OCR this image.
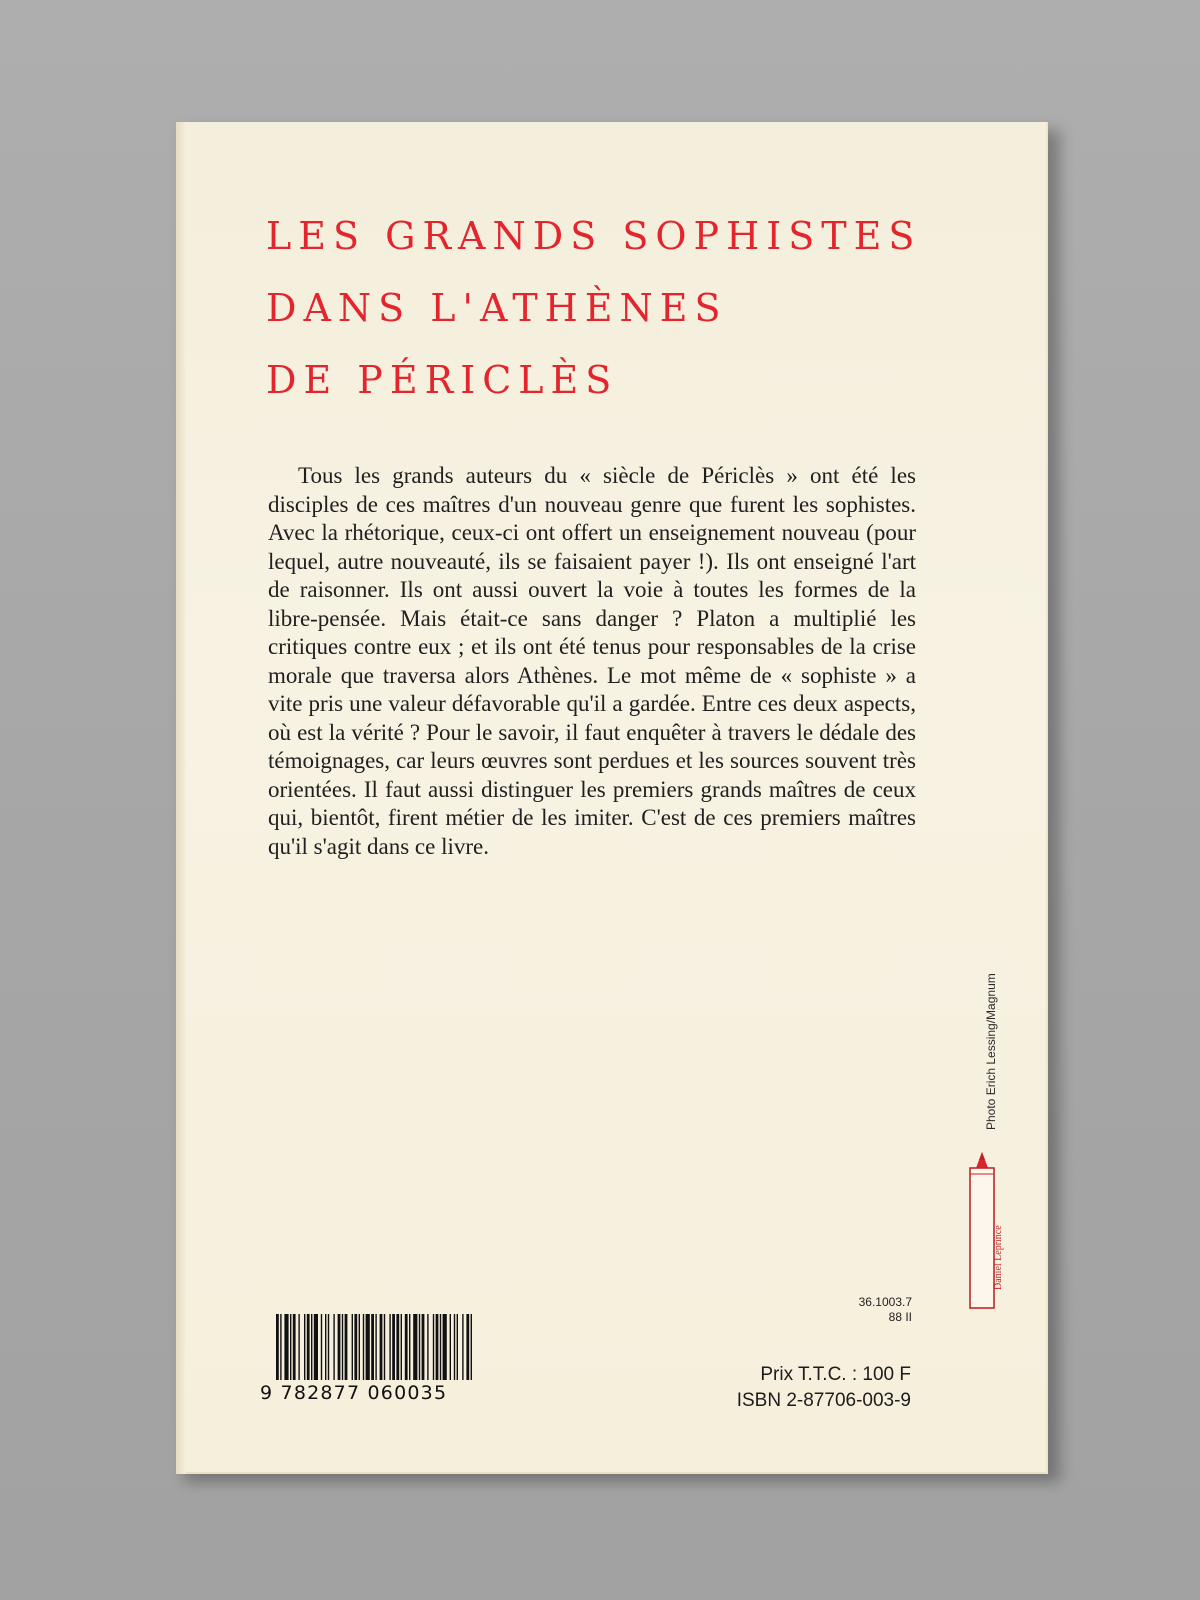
LES GRANDS SOPHISTES
DANS L'ATHÈNES
DE PÉRICLÈS

Tous les grands auteurs du « siècle de Périclès » ont été les disciples de ces maîtres d'un nouveau genre que furent les sophistes. Avec la rhétorique, ceux-ci ont offert un enseignement nouveau (pour lequel, autre nouveauté, ils se faisaient payer !). Ils ont enseigné l'art de raisonner. Ils ont aussi ouvert la voie à toutes les formes de la libre-pensée. Mais était-ce sans danger ? Platon a multiplié les critiques contre eux ; et ils ont été tenus pour responsables de la crise morale que traversa alors Athènes. Le mot même de « sophiste » a vite pris une valeur défavorable qu'il a gardée. Entre ces deux aspects, où est la vérité ? Pour le savoir, il faut enquêter à travers le dédale des témoignages, car leurs œuvres sont perdues et les sources souvent très orientées. Il faut aussi distinguer les premiers grands maîtres de ceux qui, bientôt, firent métier de les imiter. C'est de ces premiers maîtres qu'il s'agit dans ce livre.

9 782877 060035
36.1003.7
88 II
Prix T.T.C. : 100 F
ISBN 2-87706-003-9
Photo Erich Lessing/Magnum
Daniel Leprince
